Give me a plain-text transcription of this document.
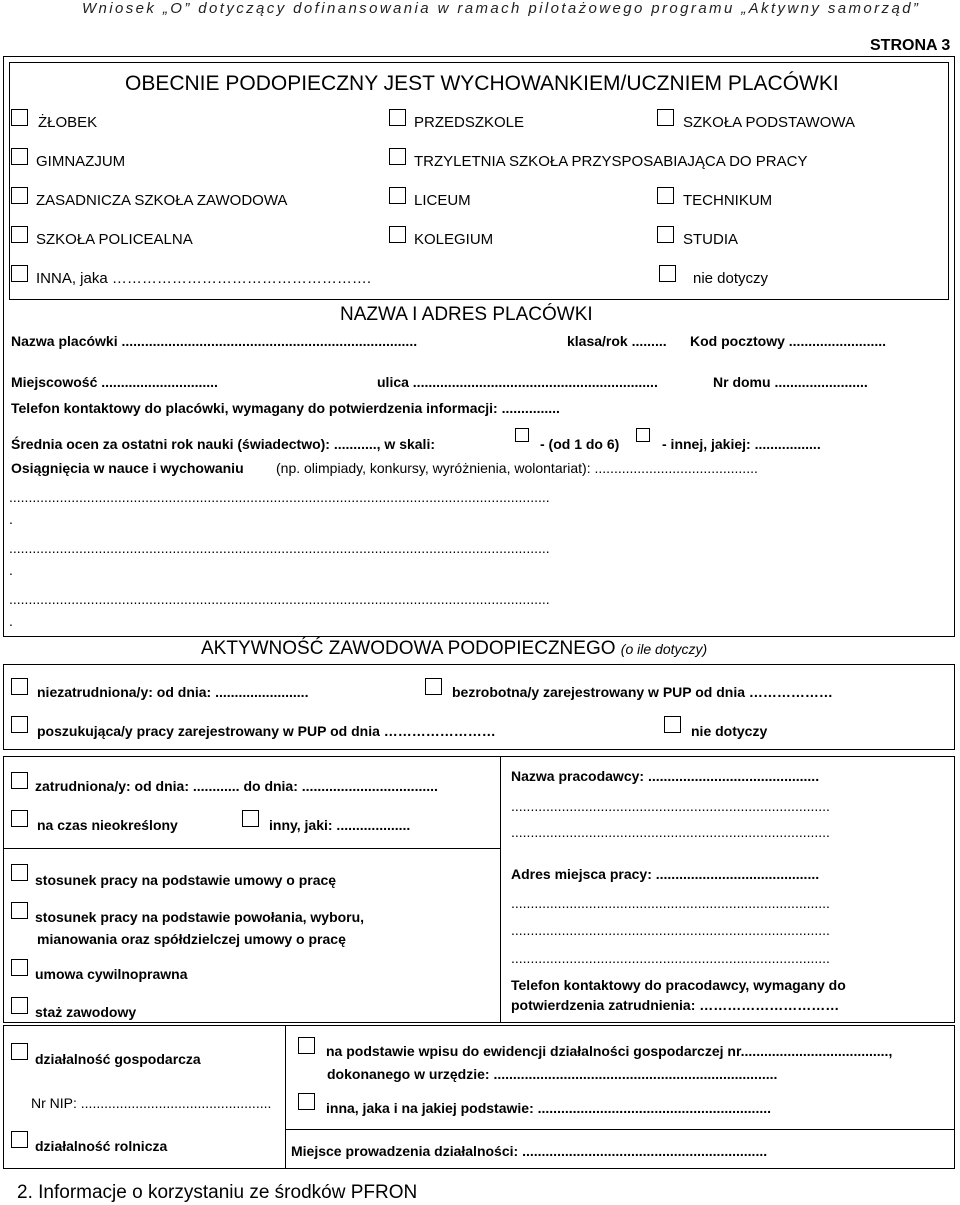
Wniosek „O” dotyczący dofinansowania w ramach pilotażowego programu „Aktywny samorząd”
STRONA 3
OBECNIE PODOPIECZNY JEST WYCHOWANKIEM/UCZNIEM PLACÓWKI
ŻŁOBEK	PRZEDSZKOLE	SZKOŁA PODSTAWOWA
GIMNAZJUM	TRZYLETNIA SZKOŁA PRZYSPOSABIAJĄCA DO PRACY
ZASADNICZA SZKOŁA ZAWODOWA	LICEUM	TECHNIKUM
SZKOŁA POLICEALNA	KOLEGIUM	STUDIA
INNA, jaka …………………………………………….	nie dotyczy
NAZWA I ADRES PLACÓWKI
Nazwa placówki ............................................................................	klasa/rok ......... Kod pocztowy .........................
Miejscowość ..............................	ulica ...............................................................	Nr domu ........................
Telefon kontaktowy do placówki, wymagany do potwierdzenia informacji: ...............
Średnia ocen za ostatni rok nauki (świadectwo): ..........., w skali:	- (od 1 do 6)	- innej, jakiej: .................
Osiągnięcia w nauce i wychowaniu (np. olimpiady, konkursy, wyróżnienia, wolontariat): ..........................................
...........................................................................................................................................
.
...........................................................................................................................................
.
...........................................................................................................................................
.
AKTYWNOŚĆ ZAWODOWA PODOPIECZNEGO (o ile dotyczy)
niezatrudniona/y: od dnia: ........................	bezrobotna/y zarejestrowany w PUP od dnia ………………
poszukująca/y pracy zarejestrowany w PUP od dnia ……………………	nie dotyczy
zatrudniona/y: od dnia: ............ do dnia: ...................................
na czas nieokreślony	inny, jaki: ...................
Nazwa pracodawcy: ............................................
..................................................................................
..................................................................................
stosunek pracy na podstawie umowy o pracę
stosunek pracy na podstawie powołania, wyboru,
mianowania oraz spółdzielczej umowy o pracę
umowa cywilnoprawna
staż zawodowy
Adres miejsca pracy: ..........................................
..................................................................................
..................................................................................
..................................................................................
Telefon kontaktowy do pracodawcy, wymagany do
potwierdzenia zatrudnienia: …………………………
działalność gospodarcza
Nr NIP: .................................................
działalność rolnicza
na podstawie wpisu do ewidencji działalności gospodarczej nr......................................,
dokonanego w urzędzie: .........................................................................
inna, jaka i na jakiej podstawie: ............................................................
Miejsce prowadzenia działalności: ...............................................................
2. Informacje o korzystaniu ze środków PFRON
